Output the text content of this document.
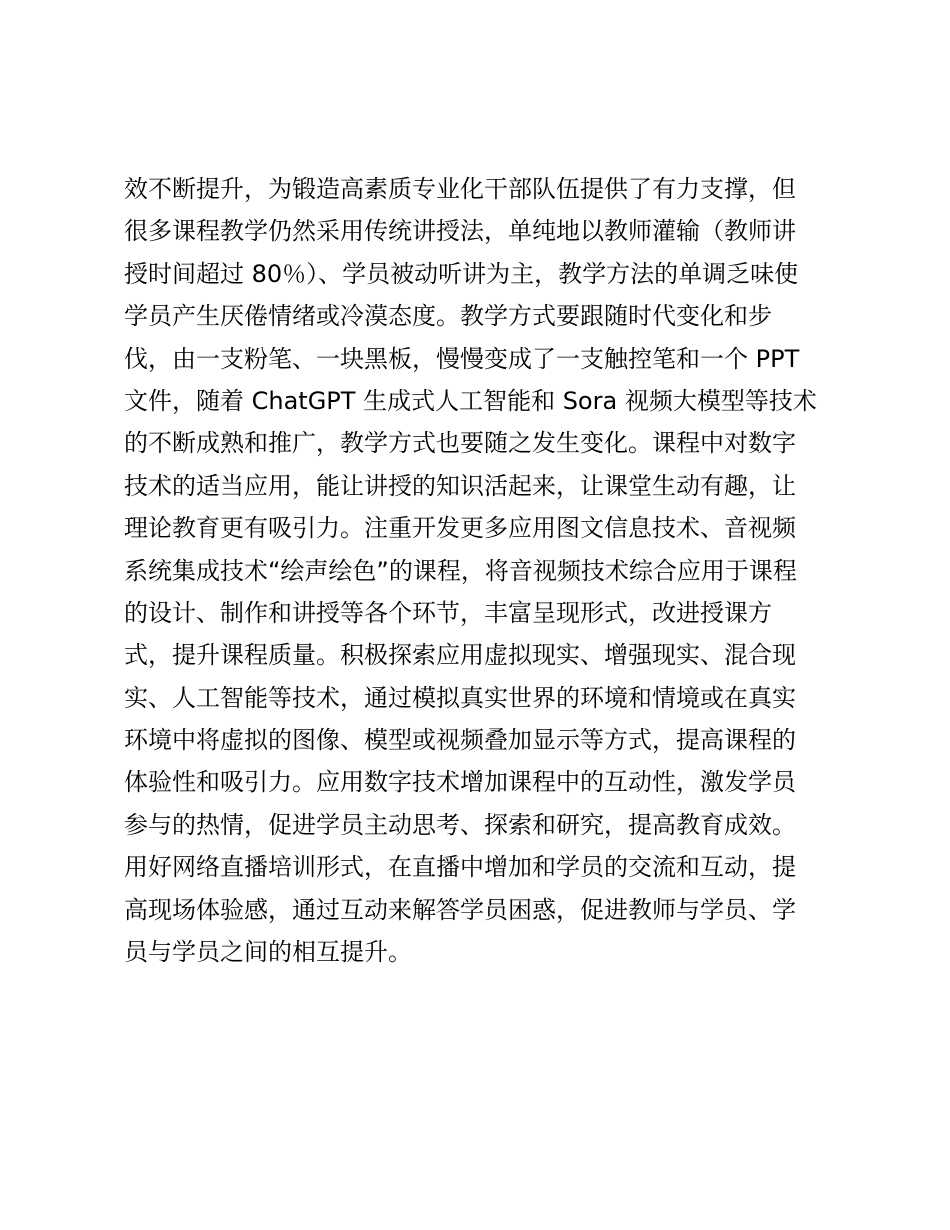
效不断提升，为锻造高素质专业化干部队伍提供了有力支撑，但
很多课程教学仍然采用传统讲授法，单纯地以教师灌输（教师讲
授时间超过 80％）、学员被动听讲为主，教学方法的单调乏味使
学员产生厌倦情绪或冷漠态度。教学方式要跟随时代变化和步
伐，由一支粉笔、一块黑板，慢慢变成了一支触控笔和一个 PPT
文件，随着 ChatGPT 生成式人工智能和 Sora 视频大模型等技术
的不断成熟和推广，教学方式也要随之发生变化。课程中对数字
技术的适当应用，能让讲授的知识活起来，让课堂生动有趣，让
理论教育更有吸引力。注重开发更多应用图文信息技术、音视频
系统集成技术“绘声绘色”的课程，将音视频技术综合应用于课程
的设计、制作和讲授等各个环节，丰富呈现形式，改进授课方
式，提升课程质量。积极探索应用虚拟现实、增强现实、混合现
实、人工智能等技术，通过模拟真实世界的环境和情境或在真实
环境中将虚拟的图像、模型或视频叠加显示等方式，提高课程的
体验性和吸引力。应用数字技术增加课程中的互动性，激发学员
参与的热情，促进学员主动思考、探索和研究，提高教育成效。
用好网络直播培训形式，在直播中增加和学员的交流和互动，提
高现场体验感，通过互动来解答学员困惑，促进教师与学员、学
员与学员之间的相互提升。
